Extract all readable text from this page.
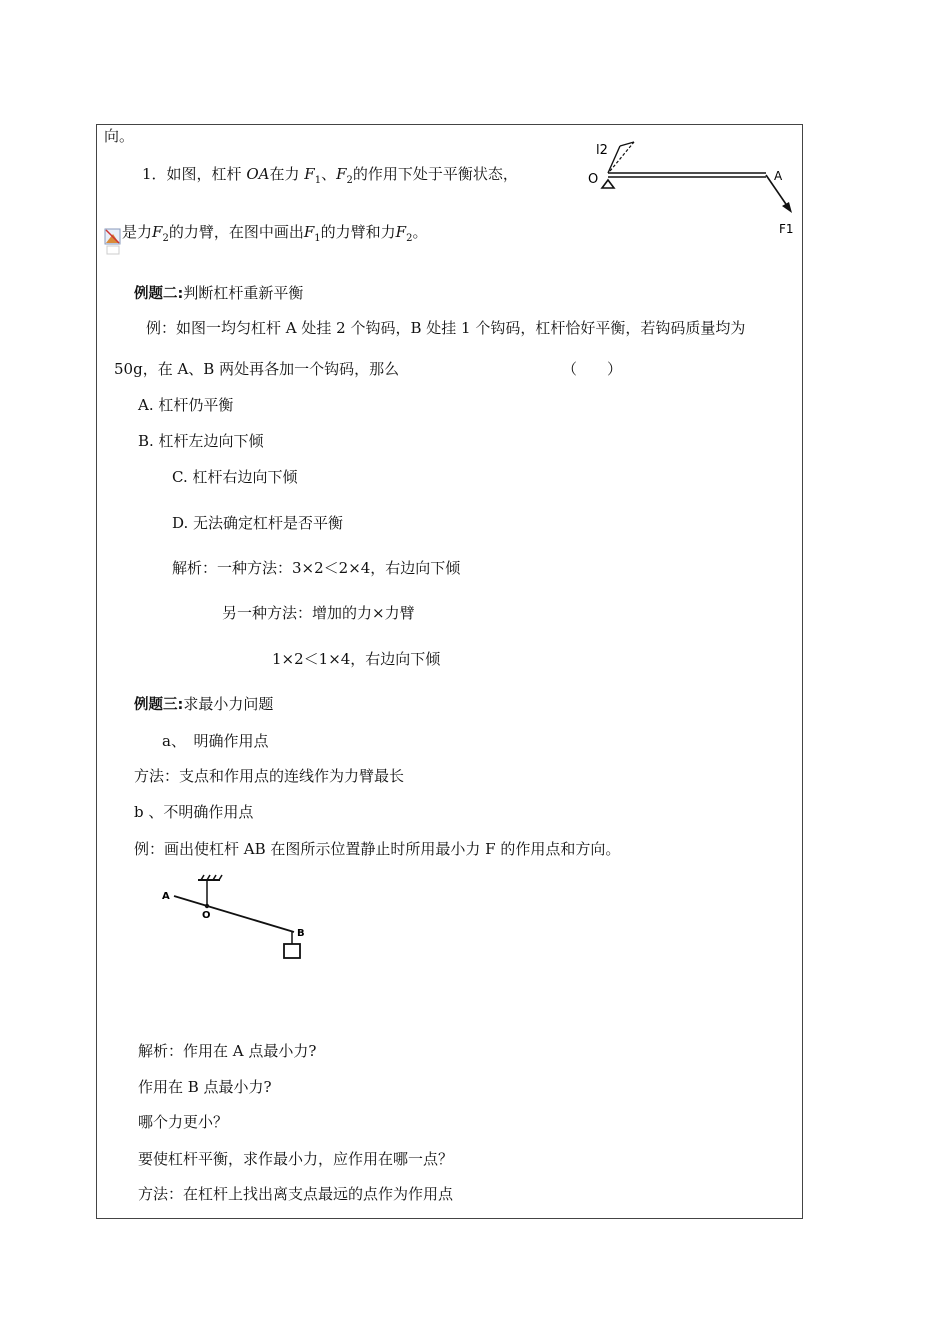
向。
1．如图，杠杆 OA在力 $F_1$、$F_2$的作用下处于平衡状态，
是力$F_2$的力臂，在图中画出$F_1$的力臂和力$F_2$。
l2
O	A
F1
例题二:判断杠杆重新平衡
例：如图一均匀杠杆 A 处挂 2 个钩码，B 处挂 1 个钩码，杠杆恰好平衡，若钩码质量均为
50g，在 A、B 两处再各加一个钩码，那么	（　　）
A. 杠杆仍平衡
B. 杠杆左边向下倾
C. 杠杆右边向下倾
D. 无法确定杠杆是否平衡
解析：一种方法：3×2＜2×4，右边向下倾
另一种方法：增加的力×力臂
1×2＜1×4，右边向下倾
例题三:求最小力问题
a、　明确作用点
方法：支点和作用点的连线作为力臂最长
b 、不明确作用点
例：画出使杠杆 AB 在图所示位置静止时所用最小力 F 的作用点和方向。
A
O
B
解析：作用在 A 点最小力?
作用在 B 点最小力?
哪个力更小？
要使杠杆平衡，求作最小力，应作用在哪一点？
方法：在杠杆上找出离支点最远的点作为作用点
